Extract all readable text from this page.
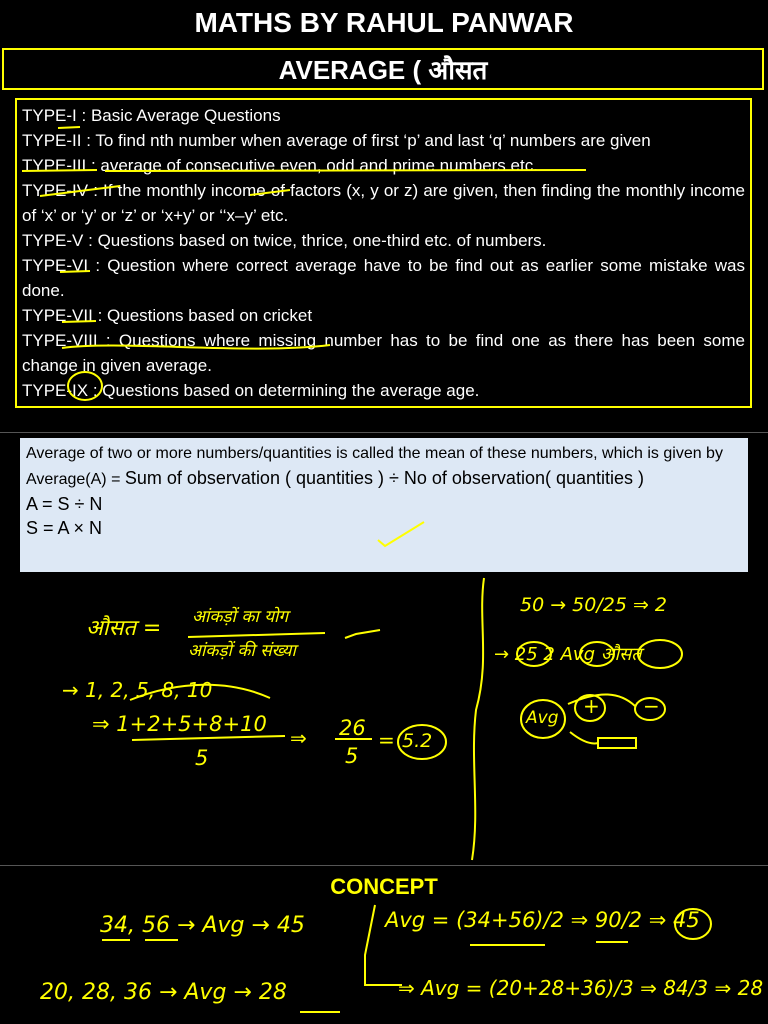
MATHS BY RAHUL PANWAR
AVERAGE ( औसत
TYPE-I : Basic Average Questions
TYPE-II : To find nth number when average of first ‘p’ and last ‘q’ numbers are given
TYPE-III : average of consecutive even, odd and prime numbers etc.
TYPE-IV : If the monthly income of factors (x, y or z) are given, then finding the monthly income of ‘x’ or ‘y’ or ‘z’ or ‘x+y’ or ‘‘x–y’ etc.
TYPE-V : Questions based on twice, thrice, one-third etc. of numbers.
TYPE-VI : Question where correct average have to be find out as earlier some mistake was done.
TYPE-VII : Questions based on cricket
TYPE-VIII : Questions where missing number has to be find one as there has been some change in given average.
TYPE-IX : Questions based on determining the average age.
Average of two or more numbers/quantities is called the mean of these numbers, which is given by
Average(A) = Sum of observation ( quantities ) ÷ No of observation( quantities )
A = S ÷ N
S = A × N
औसत = आंकड़ों का योग
आंकड़ों की संख्या
→ 1, 2, 5, 8, 10
⇒ 1+2+5+8+10
5
⇒ 26
5
= 5.2
50 → 50/25 ⇒ 2
→ 25 2 Avg औसत
Avg + −
CONCEPT
34, 56 → Avg → 45	Avg = (34+56)/2 ⇒ 90/2 ⇒ 45
20, 28, 36 → Avg → 28	⇒ Avg = (20+28+36)/3 ⇒ 84/3 ⇒ 28
